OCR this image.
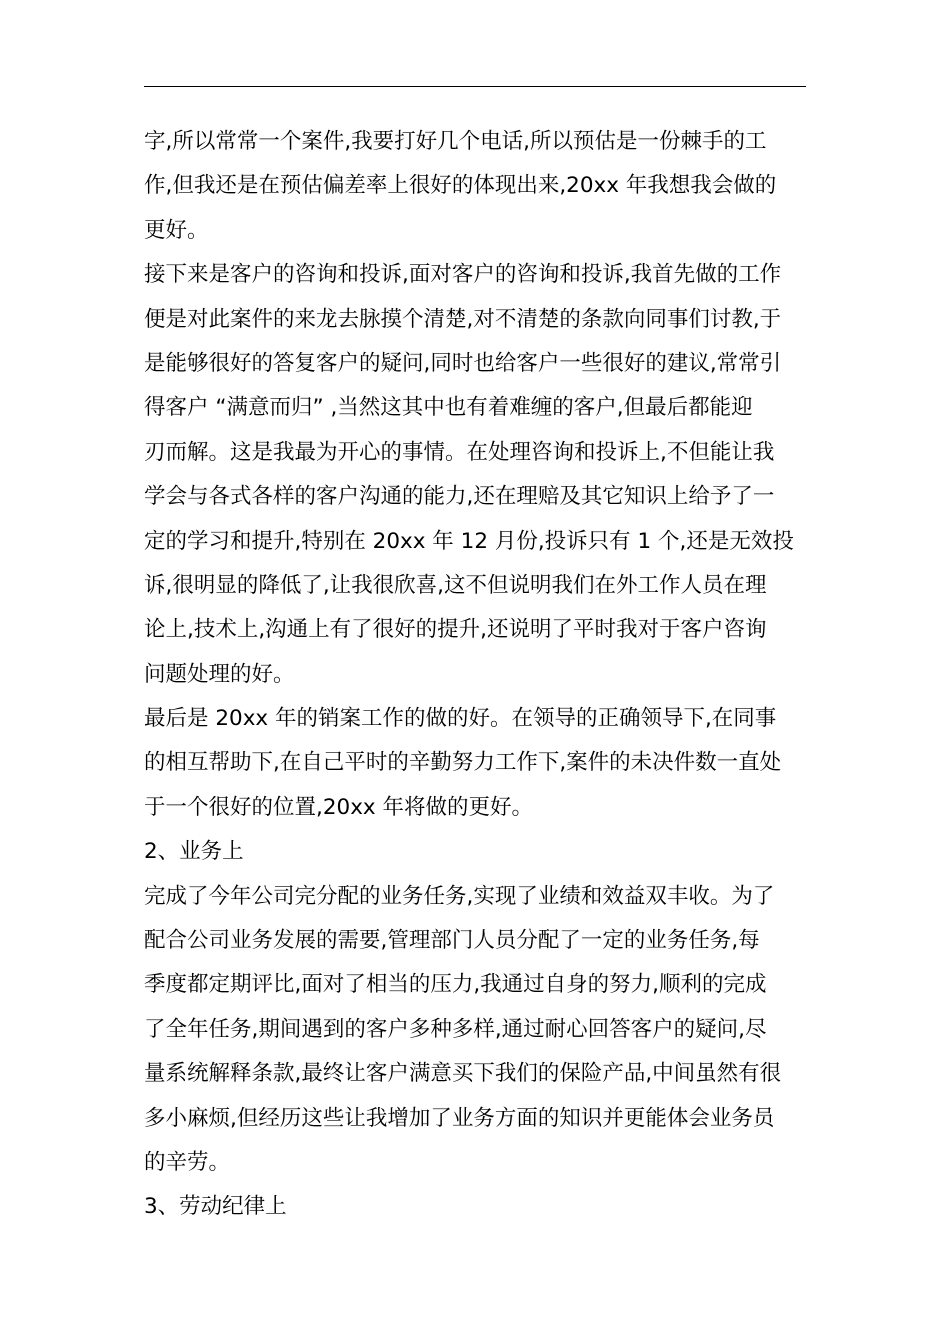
字,所以常常一个案件,我要打好几个电话,所以预估是一份棘手的工
作,但我还是在预估偏差率上很好的体现出来,20xx 年我想我会做的
更好。
接下来是客户的咨询和投诉,面对客户的咨询和投诉,我首先做的工作
便是对此案件的来龙去脉摸个清楚,对不清楚的条款向同事们讨教,于
是能够很好的答复客户的疑问,同时也给客户一些很好的建议,常常引
得客户 “满意而归” ,当然这其中也有着难缠的客户,但最后都能迎
刃而解。这是我最为开心的事情。在处理咨询和投诉上,不但能让我
学会与各式各样的客户沟通的能力,还在理赔及其它知识上给予了一
定的学习和提升,特别在 20xx 年 12 月份,投诉只有 1 个,还是无效投
诉,很明显的降低了,让我很欣喜,这不但说明我们在外工作人员在理
论上,技术上,沟通上有了很好的提升,还说明了平时我对于客户咨询
问题处理的好。
最后是 20xx 年的销案工作的做的好。在领导的正确领导下,在同事
的相互帮助下,在自己平时的辛勤努力工作下,案件的未决件数一直处
于一个很好的位置,20xx 年将做的更好。
2、业务上
完成了今年公司完分配的业务任务,实现了业绩和效益双丰收。为了
配合公司业务发展的需要,管理部门人员分配了一定的业务任务,每
季度都定期评比,面对了相当的压力,我通过自身的努力,顺利的完成
了全年任务,期间遇到的客户多种多样,通过耐心回答客户的疑问,尽
量系统解释条款,最终让客户满意买下我们的保险产品,中间虽然有很
多小麻烦,但经历这些让我增加了业务方面的知识并更能体会业务员
的辛劳。
3、劳动纪律上
